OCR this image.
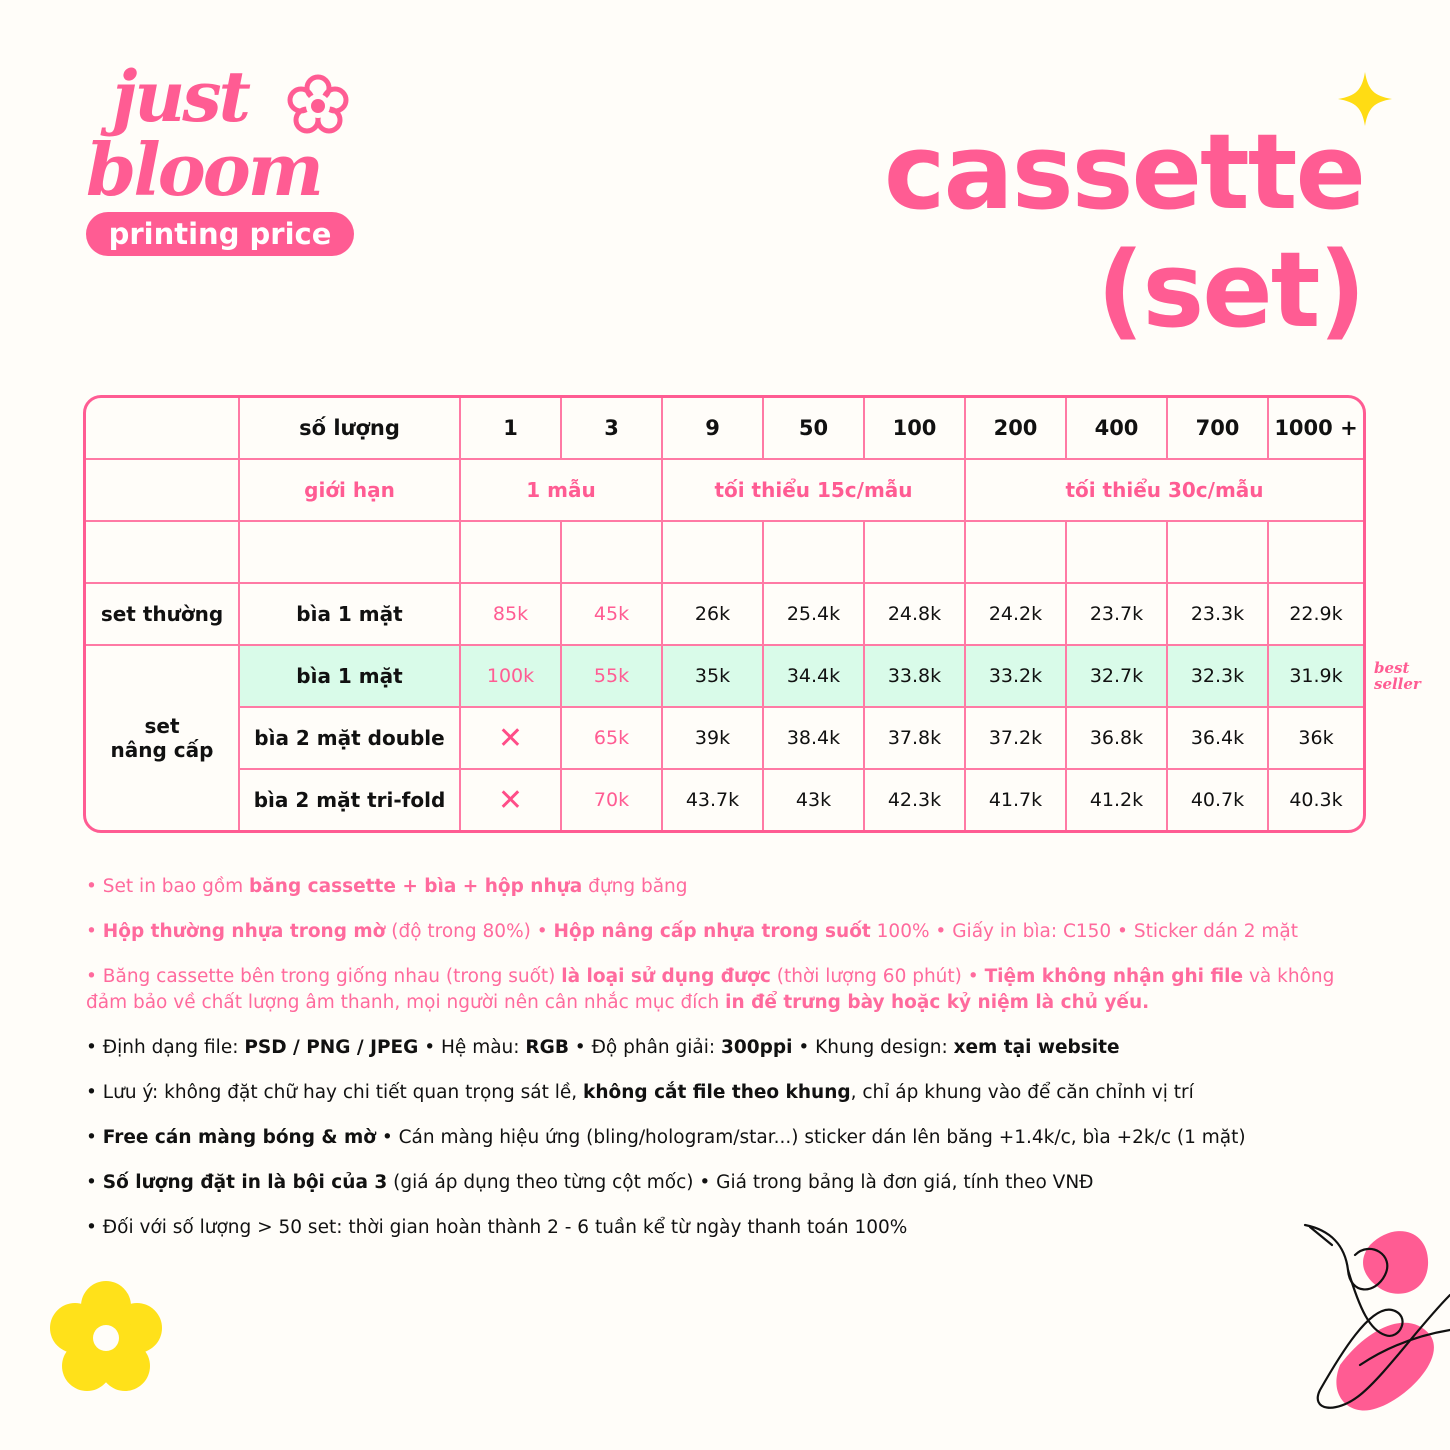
just
bloom
printing price
cassette
(set)
số lượng	1	3	9	50	100	200	400	700	1000 +
giới hạn	1 mẫu	tối thiểu 15c/mẫu	tối thiểu 30c/mẫu
set thường	bìa 1 mặt	85k	45k	26k	25.4k	24.8k	24.2k	23.7k	23.3k	22.9k
set
nâng cấp
bìa 1 mặt	100k	55k	35k	34.4k	33.8k	33.2k	32.7k	32.3k	31.9k
bìa 2 mặt double	✕	65k	39k	38.4k	37.8k	37.2k	36.8k	36.4k	36k
bìa 2 mặt tri-fold	✕	70k	43.7k	43k	42.3k	41.7k	41.2k	40.7k	40.3k
best
seller
• Set in bao gồm băng cassette + bìa + hộp nhựa đựng băng
• Hộp thường nhựa trong mờ (độ trong 80%) • Hộp nâng cấp nhựa trong suốt 100% • Giấy in bìa: C150 • Sticker dán 2 mặt
• Băng cassette bên trong giống nhau (trong suốt) là loại sử dụng được (thời lượng 60 phút) • Tiệm không nhận ghi file và không đảm bảo về chất lượng âm thanh, mọi người nên cân nhắc mục đích in để trưng bày hoặc kỷ niệm là chủ yếu.
• Định dạng file: PSD / PNG / JPEG • Hệ màu: RGB • Độ phân giải: 300ppi • Khung design: xem tại website
• Lưu ý: không đặt chữ hay chi tiết quan trọng sát lề, không cắt file theo khung, chỉ áp khung vào để căn chỉnh vị trí
• Free cán màng bóng & mờ • Cán màng hiệu ứng (bling/hologram/star...) sticker dán lên băng +1.4k/c, bìa +2k/c (1 mặt)
• Số lượng đặt in là bội của 3 (giá áp dụng theo từng cột mốc) • Giá trong bảng là đơn giá, tính theo VNĐ
• Đối với số lượng > 50 set: thời gian hoàn thành 2 - 6 tuần kể từ ngày thanh toán 100%
